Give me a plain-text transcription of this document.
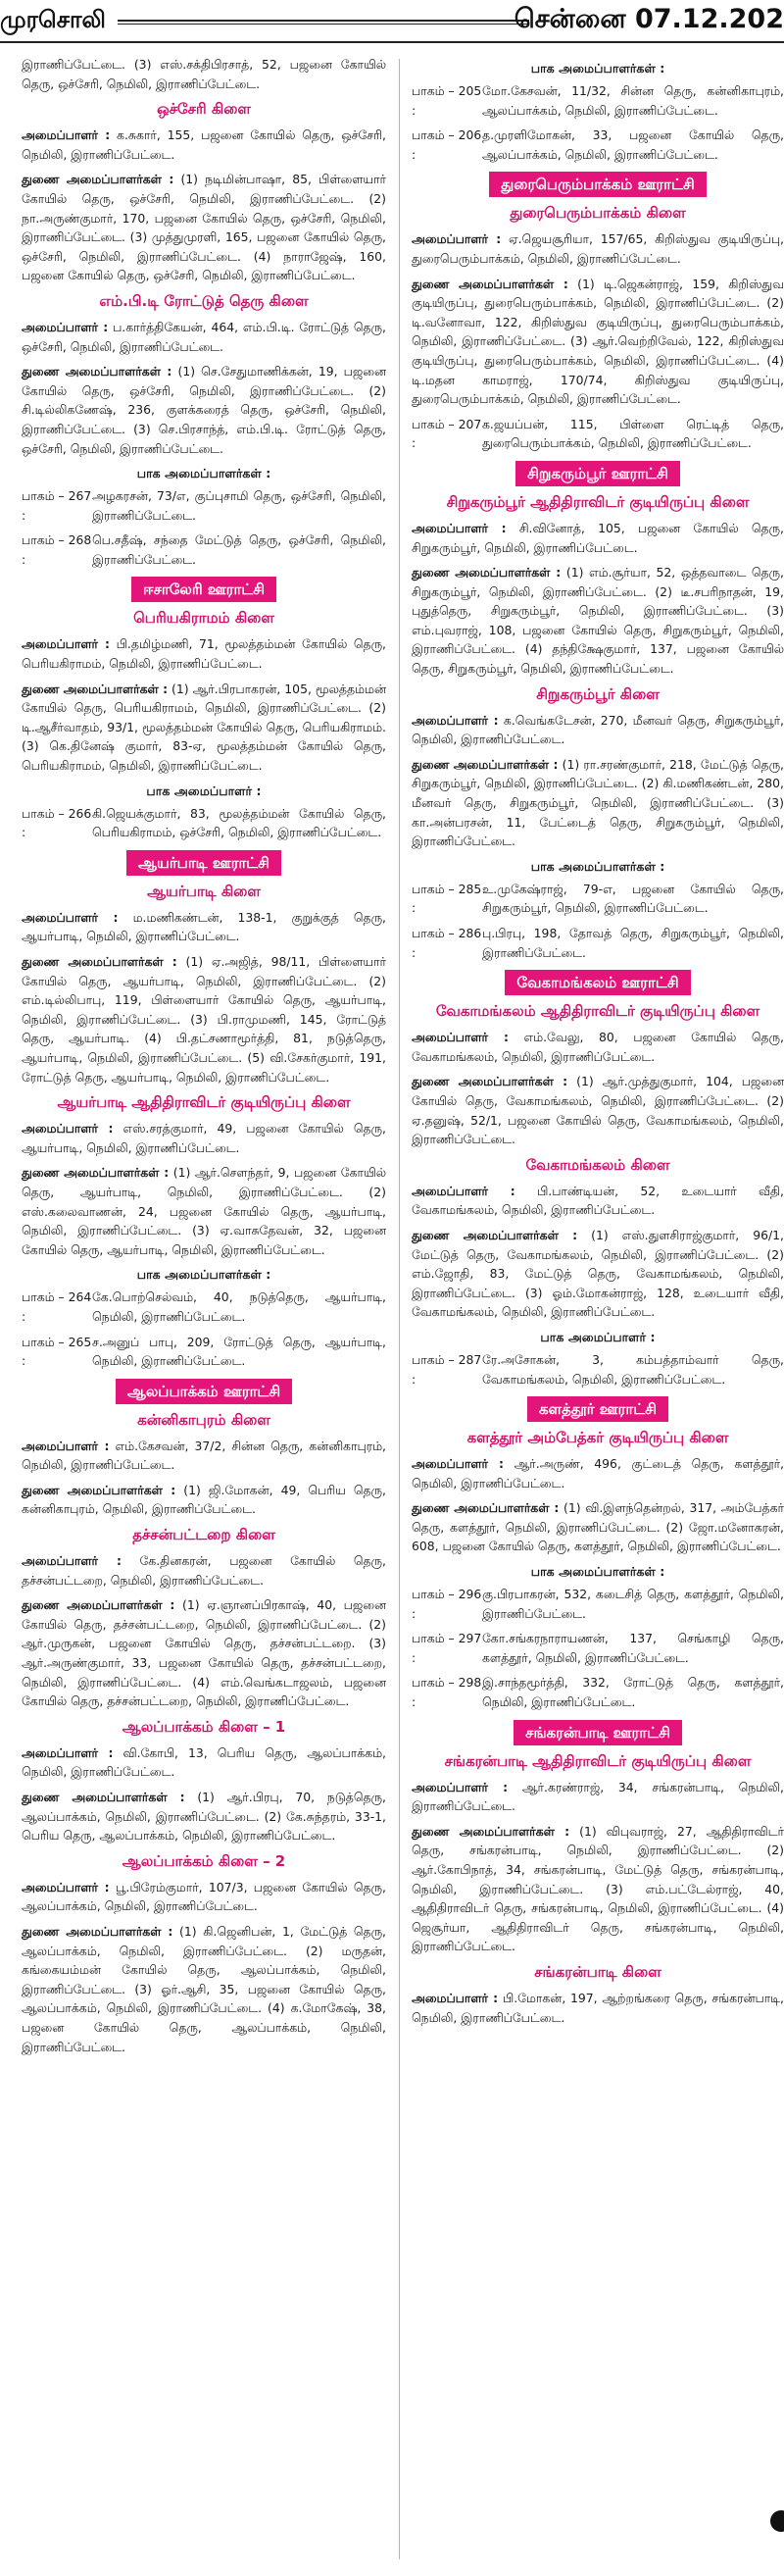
முரசொலி	சென்னை 07.12.202

இராணிப்பேட்டை. (3) எஸ்.சக்திபிரசாத், 52, பஜனை கோயில் தெரு, ஒச்சேரி, நெமிலி, இராணிப்பேட்டை.

ஒச்சேரி கிளை

அமைப்பாளர் : க.சுகார், 155, பஜனை கோயில் தெரு, ஒச்சேரி, நெமிலி, இராணிப்பேட்டை.

துணை அமைப்பாளர்கள் : (1) நடிமின்பாஷா, 85, பிள்ளையார் கோயில் தெரு, ஒச்சேரி, நெமிலி, இராணிப்பேட்டை. (2) நா.அருண்குமார், 170, பஜனை கோயில் தெரு, ஒச்சேரி, நெமிலி, இராணிப்பேட்டை. (3) முத்துமுரளி, 165, பஜனை கோயில் தெரு, ஒச்சேரி, நெமிலி, இராணிப்பேட்டை. (4) நாராஜேஷ், 160, பஜனை கோயில் தெரு, ஒச்சேரி, நெமிலி, இராணிப்பேட்டை.

எம்.பி.டி ரோட்டுத் தெரு கிளை

அமைப்பாளர் : ப.கார்த்திகேயன், 464, எம்.பி.டி. ரோட்டுத் தெரு, ஒச்சேரி, நெமிலி, இராணிப்பேட்டை.

துணை அமைப்பாளர்கள் : (1) செ.சேதுமாணிக்கன், 19, பஜனை கோயில் தெரு, ஒச்சேரி, நெமிலி, இராணிப்பேட்டை. (2) சி.டில்லிகணேஷ், 236, குளக்கரைத் தெரு, ஒச்சேரி, நெமிலி, இராணிப்பேட்டை. (3) செ.பிரசாந்த், எம்.பி.டி. ரோட்டுத் தெரு, ஒச்சேரி, நெமிலி, இராணிப்பேட்டை.

பாக அமைப்பாளர்கள் :
பாகம் – 267 :
அழகரசன், 73/எ, குப்புசாமி தெரு, ஒச்சேரி, நெமிலி, இராணிப்பேட்டை.
பாகம் – 268 :
பெ.சதீஷ், சந்தை மேட்டுத் தெரு, ஒச்சேரி, நெமிலி, இராணிப்பேட்டை.
ஈசாலேரி ஊராட்சி
பெரியகிராமம் கிளை

அமைப்பாளர் : பி.தமிழ்மணி, 71, மூலத்தம்மன் கோயில் தெரு, பெரியகிராமம், நெமிலி, இராணிப்பேட்டை.

துணை அமைப்பாளர்கள் : (1) ஆர்.பிரபாகரன், 105, மூலத்தம்மன் கோயில் தெரு, பெரியகிராமம், நெமிலி, இராணிப்பேட்டை. (2) டி.ஆசீர்வாதம், 93/1, மூலத்தம்மன் கோயில் தெரு, பெரியகிராமம். (3) கெ.தினேஷ் குமார், 83-ஏ, மூலத்தம்மன் கோயில் தெரு, பெரியகிராமம், நெமிலி, இராணிப்பேட்டை.

பாக அமைப்பாளர் :
பாகம் – 266 :
கி.ஜெயக்குமார், 83, மூலத்தம்மன் கோயில் தெரு, பெரியகிராமம், ஒச்சேரி, நெமிலி, இராணிப்பேட்டை.
ஆயர்பாடி ஊராட்சி
ஆயர்பாடி கிளை

அமைப்பாளர் : ம.மணிகண்டன், 138-1, குறுக்குத் தெரு, ஆயர்பாடி, நெமிலி, இராணிப்பேட்டை.

துணை அமைப்பாளர்கள் : (1) ஏ.அஜித், 98/11, பிள்ளையார் கோயில் தெரு, ஆயர்பாடி, நெமிலி, இராணிப்பேட்டை. (2) எம்.டில்லிபாபு, 119, பிள்ளையார் கோயில் தெரு, ஆயர்பாடி, நெமிலி, இராணிப்பேட்டை. (3) பி.ராமுமணி, 145, ரோட்டுத் தெரு, ஆயர்பாடி. (4) பி.தட்சணாமூர்த்தி, 81, நடுத்தெரு, ஆயர்பாடி, நெமிலி, இராணிப்பேட்டை. (5) வி.சேகர்குமார், 191, ரோட்டுத் தெரு, ஆயர்பாடி, நெமிலி, இராணிப்பேட்டை.

ஆயர்பாடி ஆதிதிராவிடர் குடியிருப்பு கிளை

அமைப்பாளர் : எஸ்.சரத்குமார், 49, பஜனை கோயில் தெரு, ஆயர்பாடி, நெமிலி, இராணிப்பேட்டை.

துணை அமைப்பாளர்கள் : (1) ஆர்.சௌந்தர், 9, பஜனை கோயில் தெரு, ஆயர்பாடி, நெமிலி, இராணிப்பேட்டை. (2) எஸ்.கலைவாணன், 24, பஜனை கோயில் தெரு, ஆயர்பாடி, நெமிலி, இராணிப்பேட்டை. (3) ஏ.வாசுதேவன், 32, பஜனை கோயில் தெரு, ஆயர்பாடி, நெமிலி, இராணிப்பேட்டை.

பாக அமைப்பாளர்கள் :
பாகம் – 264 :
கே.பொற்செல்வம், 40, நடுத்தெரு, ஆயர்பாடி, நெமிலி, இராணிப்பேட்டை.
பாகம் – 265 :
ச.அனுப் பாபு, 209, ரோட்டுத் தெரு, ஆயர்பாடி, நெமிலி, இராணிப்பேட்டை.
ஆலப்பாக்கம் ஊராட்சி
கன்னிகாபுரம் கிளை

அமைப்பாளர் : எம்.கேசவன், 37/2, சின்ன தெரு, கன்னிகாபுரம், நெமிலி, இராணிப்பேட்டை.

துணை அமைப்பாளர்கள் : (1) ஜி.மோகன், 49, பெரிய தெரு, கன்னிகாபுரம், நெமிலி, இராணிப்பேட்டை.

தச்சன்பட்டறை கிளை

அமைப்பாளர் : கே.தினகரன், பஜனை கோயில் தெரு, தச்சன்பட்டறை, நெமிலி, இராணிப்பேட்டை.

துணை அமைப்பாளர்கள் : (1) ஏ.ஞானப்பிரகாஷ், 40, பஜனை கோயில் தெரு, தச்சன்பட்டறை, நெமிலி, இராணிப்பேட்டை. (2) ஆர்.முருகன், பஜனை கோயில் தெரு, தச்சன்பட்டறை. (3) ஆர்.அருண்குமார், 33, பஜனை கோயில் தெரு, தச்சன்பட்டறை, நெமிலி, இராணிப்பேட்டை. (4) எம்.வெங்கடாஜலம், பஜனை கோயில் தெரு, தச்சன்பட்டறை, நெமிலி, இராணிப்பேட்டை.

ஆலப்பாக்கம் கிளை – 1

அமைப்பாளர் : வி.கோபி, 13, பெரிய தெரு, ஆலப்பாக்கம், நெமிலி, இராணிப்பேட்டை.

துணை அமைப்பாளர்கள் : (1) ஆர்.பிரபு, 70, நடுத்தெரு, ஆலப்பாக்கம், நெமிலி, இராணிப்பேட்டை. (2) கே.சுந்தரம், 33-1, பெரிய தெரு, ஆலப்பாக்கம், நெமிலி, இராணிப்பேட்டை.

ஆலப்பாக்கம் கிளை – 2

அமைப்பாளர் : பூ.பிரேம்குமார், 107/3, பஜனை கோயில் தெரு, ஆலப்பாக்கம், நெமிலி, இராணிப்பேட்டை.

துணை அமைப்பாளர்கள் : (1) கி.ஜெனிபன், 1, மேட்டுத் தெரு, ஆலப்பாக்கம், நெமிலி, இராணிப்பேட்டை. (2) மருதன், கங்கையம்மன் கோயில் தெரு, ஆலப்பாக்கம், நெமிலி, இராணிப்பேட்டை. (3) ஓர்.ஆசி, 35, பஜனை கோயில் தெரு, ஆலப்பாக்கம், நெமிலி, இராணிப்பேட்டை. (4) க.மோகேஷ், 38, பஜனை கோயில் தெரு, ஆலப்பாக்கம், நெமிலி, இராணிப்பேட்டை.

பாக அமைப்பாளர்கள் :
பாகம் – 205 :
மோ.கேசவன், 11/32, சின்ன தெரு, கன்னிகாபுரம், ஆலப்பாக்கம், நெமிலி, இராணிப்பேட்டை.
பாகம் – 206 :
த.முரளிமோகன், 33, பஜனை கோயில் தெரு, ஆலப்பாக்கம், நெமிலி, இராணிப்பேட்டை.
துரைபெரும்பாக்கம் ஊராட்சி
துரைபெரும்பாக்கம் கிளை

அமைப்பாளர் : ஏ.ஜெயசூரியா, 157/65, கிறிஸ்துவ குடியிருப்பு, துரைபெரும்பாக்கம், நெமிலி, இராணிப்பேட்டை.

துணை அமைப்பாளர்கள் : (1) டி.ஜெகன்ராஜ், 159, கிறிஸ்துவ குடியிருப்பு, துரைபெரும்பாக்கம், நெமிலி, இராணிப்பேட்டை. (2) டி.வனோவா, 122, கிறிஸ்துவ குடியிருப்பு, துரைபெரும்பாக்கம், நெமிலி, இராணிப்பேட்டை. (3) ஆர்.வெற்றிவேல், 122, கிறிஸ்துவ குடியிருப்பு, துரைபெரும்பாக்கம், நெமிலி, இராணிப்பேட்டை. (4) டி.மதன காமராஜ், 170/74, கிறிஸ்துவ குடியிருப்பு, துரைபெரும்பாக்கம், நெமிலி, இராணிப்பேட்டை.

பாகம் – 207 :
க.ஜயப்பன், 115, பிள்ளை ரெட்டித் தெரு, துரைபெரும்பாக்கம், நெமிலி, இராணிப்பேட்டை.
சிறுகரும்பூர் ஊராட்சி
சிறுகரும்பூர் ஆதிதிராவிடர் குடியிருப்பு கிளை

அமைப்பாளர் : சி.வினோத், 105, பஜனை கோயில் தெரு, சிறுகரும்பூர், நெமிலி, இராணிப்பேட்டை.

துணை அமைப்பாளர்கள் : (1) எம்.சூர்யா, 52, ஒத்தவாடை தெரு, சிறுகரும்பூர், நெமிலி, இராணிப்பேட்டை. (2) டீ.சபரிநாதன், 19, புதுத்தெரு, சிறுகரும்பூர், நெமிலி, இராணிப்பேட்டை. (3) எம்.புவராஜ், 108, பஜனை கோயில் தெரு, சிறுகரும்பூர், நெமிலி, இராணிப்பேட்டை. (4) தந்திக்ஷேகுமார், 137, பஜனை கோயில் தெரு, சிறுகரும்பூர், நெமிலி, இராணிப்பேட்டை.

சிறுகரும்பூர் கிளை

அமைப்பாளர் : க.வெங்கடேசன், 270, மீனவர் தெரு, சிறுகரும்பூர், நெமிலி, இராணிப்பேட்டை.

துணை அமைப்பாளர்கள் : (1) ரா.சரண்குமார், 218, மேட்டுத் தெரு, சிறுகரும்பூர், நெமிலி, இராணிப்பேட்டை. (2) கி.மணிகண்டன், 280, மீனவர் தெரு, சிறுகரும்பூர், நெமிலி, இராணிப்பேட்டை. (3) கா.அன்பரசன், 11, பேட்டைத் தெரு, சிறுகரும்பூர், நெமிலி, இராணிப்பேட்டை.

பாக அமைப்பாளர்கள் :
பாகம் – 285 :
உ.முகேஷ்ராஜ், 79-எ, பஜனை கோயில் தெரு, சிறுகரும்பூர், நெமிலி, இராணிப்பேட்டை.
பாகம் – 286 :
பு.பிரபு, 198, தோவத் தெரு, சிறுகரும்பூர், நெமிலி, இராணிப்பேட்டை.
வேகாமங்கலம் ஊராட்சி
வேகாமங்கலம் ஆதிதிராவிடர் குடியிருப்பு கிளை

அமைப்பாளர் : எம்.வேலு, 80, பஜனை கோயில் தெரு, வேகாமங்கலம், நெமிலி, இராணிப்பேட்டை.

துணை அமைப்பாளர்கள் : (1) ஆர்.முத்துகுமார், 104, பஜனை கோயில் தெரு, வேகாமங்கலம், நெமிலி, இராணிப்பேட்டை. (2) ஏ.தனுஷ், 52/1, பஜனை கோயில் தெரு, வேகாமங்கலம், நெமிலி, இராணிப்பேட்டை.

வேகாமங்கலம் கிளை

அமைப்பாளர் : பி.பாண்டியன், 52, உடையார் வீதி, வேகாமங்கலம், நெமிலி, இராணிப்பேட்டை.

துணை அமைப்பாளர்கள் : (1) எஸ்.துளசிராஜ்குமார், 96/1, மேட்டுத் தெரு, வேகாமங்கலம், நெமிலி, இராணிப்பேட்டை. (2) எம்.ஜோதி, 83, மேட்டுத் தெரு, வேகாமங்கலம், நெமிலி, இராணிப்பேட்டை. (3) ஓம்.மோகன்ராஜ், 128, உடையார் வீதி, வேகாமங்கலம், நெமிலி, இராணிப்பேட்டை.

பாக அமைப்பாளர் :
பாகம் – 287 :
ரே.அசோகன், 3, கம்பத்தாம்வார் தெரு, வேகாமங்கலம், நெமிலி, இராணிப்பேட்டை.
களத்தூர் ஊராட்சி
களத்தூர் அம்பேத்கர் குடியிருப்பு கிளை

அமைப்பாளர் : ஆர்.அருண், 496, குட்டைத் தெரு, களத்தூர், நெமிலி, இராணிப்பேட்டை.

துணை அமைப்பாளர்கள் : (1) வி.இளந்தென்றல், 317, அம்பேத்கர் தெரு, களத்தூர், நெமிலி, இராணிப்பேட்டை. (2) ஜோ.மனோகரன், 608, பஜனை கோயில் தெரு, களத்தூர், நெமிலி, இராணிப்பேட்டை.

பாக அமைப்பாளர்கள் :
பாகம் – 296 :
கு.பிரபாகரன், 532, கடைசித் தெரு, களத்தூர், நெமிலி, இராணிப்பேட்டை.
பாகம் – 297 :
கோ.சங்கரநாராயணன், 137, செங்காழி தெரு, களத்தூர், நெமிலி, இராணிப்பேட்டை.
பாகம் – 298 :
இ.சாந்தமூர்த்தி, 332, ரோட்டுத் தெரு, களத்தூர், நெமிலி, இராணிப்பேட்டை.
சங்கரன்பாடி ஊராட்சி
சங்கரன்பாடி ஆதிதிராவிடர் குடியிருப்பு கிளை

அமைப்பாளர் : ஆர்.கரண்ராஜ், 34, சங்கரன்பாடி, நெமிலி, இராணிப்பேட்டை.

துணை அமைப்பாளர்கள் : (1) விபுவராஜ், 27, ஆதிதிராவிடர் தெரு, சங்கரன்பாடி, நெமிலி, இராணிப்பேட்டை. (2) ஆர்.கோபிநாத், 34, சங்கரன்பாடி, மேட்டுத் தெரு, சங்கரன்பாடி, நெமிலி, இராணிப்பேட்டை. (3) எம்.பட்டேல்ராஜ், 40, ஆதிதிராவிடர் தெரு, சங்கரன்பாடி, நெமிலி, இராணிப்பேட்டை. (4) ஜெசூர்யா, ஆதிதிராவிடர் தெரு, சங்கரன்பாடி, நெமிலி, இராணிப்பேட்டை.

சங்கரன்பாடி கிளை

அமைப்பாளர் : பி.மோகன், 197, ஆற்றங்கரை தெரு, சங்கரன்பாடி, நெமிலி, இராணிப்பேட்டை.
